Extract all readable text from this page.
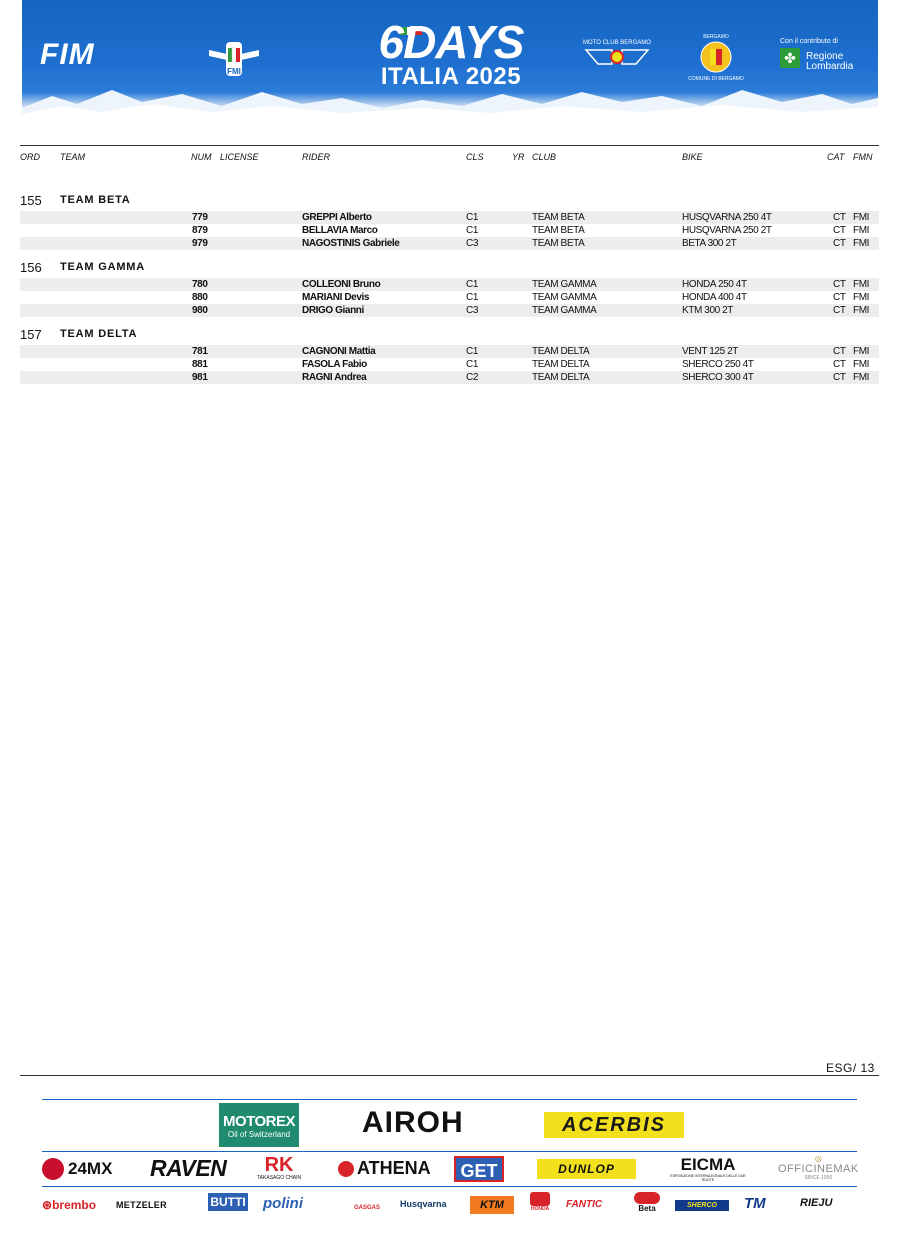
FIM
FMI
6DAYS
ITALIA 2025
MOTO CLUB BERGAMO
BERGAMO
COMUNE DI BERGAMO
Con il contributo di
✤ Regione Lombardia
ORD TEAM	NUM LICENSE	RIDER	CLS	YR CLUB	BIKE	CAT FMN
155 TEAM BETA
779	GREPPI Alberto	C1	TEAM BETA	HUSQVARNA 250 4T	CT FMI
879	BELLAVIA Marco	C1	TEAM BETA	HUSQVARNA 250 2T	CT FMI
979	NAGOSTINIS Gabriele	C3	TEAM BETA	BETA 300 2T	CT FMI
156 TEAM GAMMA
780	COLLEONI Bruno	C1	TEAM GAMMA	HONDA 250 4T	CT FMI
880	MARIANI Devis	C1	TEAM GAMMA	HONDA 400 4T	CT FMI
980	DRIGO Gianni	C3	TEAM GAMMA	KTM 300 2T	CT FMI
157 TEAM DELTA
781	CAGNONI Mattia	C1	TEAM DELTA	VENT 125 2T	CT FMI
881	FASOLA Fabio	C1	TEAM DELTA	SHERCO 250 4T	CT FMI
981	RAGNI Andrea	C2	TEAM DELTA	SHERCO 300 4T	CT FMI
ESG/ 13
MOTOREX
Oil of Switzerland AIROH	ACERBIS
24MX RAVEN	RK
TAKASAGO CHAIN	ATHENA	GET	DUNLOP	EICMA
ESPOSIZIONE INTERNAZIONALE DELLE DUE RUOTE
◎
OFFICINEMAK
SINCE 1956
⊛brembo METZELER	BUTTI polini	GASGAS Husqvarna	KTM	HONDA FANTIC	Beta	SHERCO	TM	RIEJU
